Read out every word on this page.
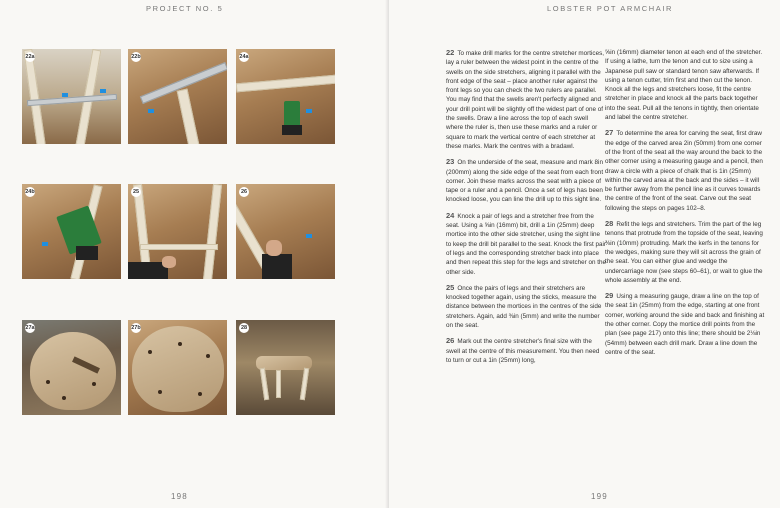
PROJECT NO. 5
22a	22b	24a
24b	25	26
27a	27b	28
198
LOBSTER POT ARMCHAIR

22 To make drill marks for the centre stretcher mortices, lay a ruler between the widest point in the centre of the swells on the side stretchers, aligning it parallel with the front edge of the seat – place another ruler against the front legs so you can check the two rulers are parallel. You may find that the swells aren't perfectly aligned and your drill point will be slightly off the widest part of one of the swells. Draw a line across the top of each swell where the ruler is, then use these marks and a ruler or square to mark the vertical centre of each stretcher at these marks. Mark the centres with a bradawl.

23 On the underside of the seat, measure and mark 8in (200mm) along the side edge of the seat from each front corner. Join these marks across the seat with a piece of tape or a ruler and a pencil. Once a set of legs has been knocked loose, you can line the drill up to this sight line.

24 Knock a pair of legs and a stretcher free from the seat. Using a ⅝in (16mm) bit, drill a 1in (25mm) deep mortice into the other side stretcher, using the sight line to keep the drill bit parallel to the seat. Knock the first pair of legs and the corresponding stretcher back into place and then repeat this step for the legs and stretcher on the other side.

25 Once the pairs of legs and their stretchers are knocked together again, using the sticks, measure the distance between the mortices in the centres of the side stretchers. Again, add ⅜in (5mm) and write the number on the seat.

26 Mark out the centre stretcher's final size with the swell at the centre of this measurement. You then need to turn or cut a 1in (25mm) long,

⅝in (16mm) diameter tenon at each end of the stretcher. If using a lathe, turn the tenon and cut to size using a Japanese pull saw or standard tenon saw afterwards. If using a tenon cutter, trim first and then cut the tenon. Knock all the legs and stretchers loose, fit the centre stretcher in place and knock all the parts back together into the seat. Pull all the tenons in tightly, then orientate and label the centre stretcher.

27 To determine the area for carving the seat, first draw the edge of the carved area 2in (50mm) from one corner of the front of the seat all the way around the back to the other corner using a measuring gauge and a pencil, then draw a circle with a piece of chalk that is 1in (25mm) within the carved area at the back and the sides – it will be further away from the pencil line as it curves towards the centre of the front of the seat. Carve out the seat following the steps on pages 102–8.

28 Refit the legs and stretchers. Trim the part of the leg tenons that protrude from the topside of the seat, leaving ⅜in (10mm) protruding. Mark the kerfs in the tenons for the wedges, making sure they will sit across the grain of the seat. You can either glue and wedge the undercarriage now (see steps 60–61), or wait to glue the whole assembly at the end.

29 Using a measuring gauge, draw a line on the top of the seat 1in (25mm) from the edge, starting at one front corner, working around the side and back and finishing at the other corner. Copy the mortice drill points from the plan (see page 217) onto this line; there should be 2⅛in (54mm) between each drill mark. Draw a line down the centre of the seat.

199
